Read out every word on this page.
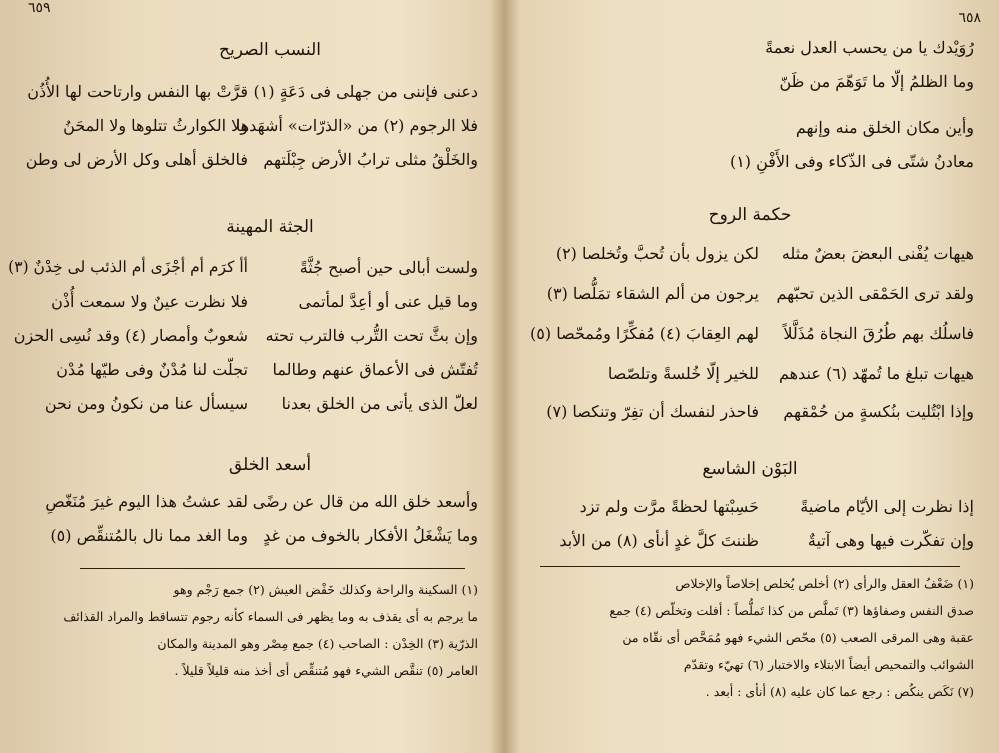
٦٥٩
النسب الصريح
دعنى فإننى من جهلى فى دَعَةٍ (١)
قرَّتْ بها النفس وارتاحت لها الأُذُن
فلا الرجوم (٢) من «الذرّات» أشهَدها
ولا الكوارثُ تتلوها ولا المحَنُ
والخَلْقُ مثلى ترابُ الأرض جِبْلَتهم
فالخلق أهلى وكل الأرض لى وطن
الجثة المهينة
ولست أبالى حين أصبح جُثَّةً
أأ كرَم أم أجْزَى أم الذئب لى خِدْنٌ (٣)
وما قيل عنى أو أعِدَّ لمأتمى
فلا نظرت عينٌ ولا سمعت أُذْن
وإن بثَّ تحت التُّرب فالترب تحته
شعوبٌ وأمصار (٤) وقد نُسِى الحزن
تُفتّش فى الأعماق عنهم وطالما
تجلّت لنا مُدْنٌ وفى طيّها مُدْن
لعلّ الذى يأتى من الخلق بعدنا
سيسأل عنا من نكونُ ومن نحن
أسعد الخلق
وأسعد خلق الله من قال عن رضًى
لقد عشتُ هذا اليوم غيرَ مُنَغّصِ
وما يَشْغَلُ الأفكار بالخوف من غدٍ
وما الغد مما نال بالمُتنقِّص (٥)
(١) السكينة والراحة وكذلك خَفْض العيش (٢) جمع رَجْم وهو
ما يرجم به أى يقذف به وما يظهر فى السماء كأنه رجوم تتساقط والمراد القذائف
الذرّية (٣) الخِدْن : الصاحب (٤) جمع مِصْر وهو المدينة والمكان
العامر (٥) تنقَّص الشيء فهو مُتنقِّص أى أخذ منه قليلاً قليلاً .
٦٥٨
رُوَيْدك يا من يحسب العدل نعمةً
وما الظلمُ إلّا ما تَوَهّمَ من ظَنّ
وأين مكان الخلق منه وإنهم
معادنُ شتّى فى الذّكاء وفى الأَفْنِ (١)
حكمة الروح
هيهات يُفْنى البعضَ بعضٌ مثله
لكن يزول بأن تُحبَّ وتُخلصا (٢)
ولقد ترى الحَمْقى الذين تحبّهم
يرجون من ألم الشقاء تمَلُّصا (٣)
فاسلُك بهم طُرُقَ النجاة مُذَلَّلاً
لهم العِقابَ (٤) مُفكِّرًا ومُمحّصا (٥)
هيهات تبلغ ما تُمهّد (٦) عندهم
للخير إلّا خُلسةً وتلصّصا
وإذا ابْتُليت بنُكسةٍ من حُمْقهم
فاحذر لنفسك أن تفِرّ وتنكصا (٧)
البَوْن الشاسع
إذا نظرت إلى الأيّام ماضيةً
حَسِبْتها لحظةً مرَّت ولم تزد
وإن تفكّرت فيها وهى آتيةٌ
ظننتَ كلَّ غدٍ أنأى (٨) من الأبد
(١) ضَعْفُ العقل والرأى (٢) أخلص يُخلص إخلاصاً والإخلاص
صدق النفس وصفاؤها (٣) تَملَّص من كذا تَملُّصاً : أفلت وتخلّص (٤) جمع
عقبة وهى المرقى الصعب (٥) محّص الشيء فهو مُمَحَّص أى نقّاه من
الشوائب والتمحيص أيضاً الابتلاء والاختبار (٦) تهيّء وتقدّم
(٧) نَكَص ينكُص : رجع عما كان عليه (٨) أنأى : أبعد .
